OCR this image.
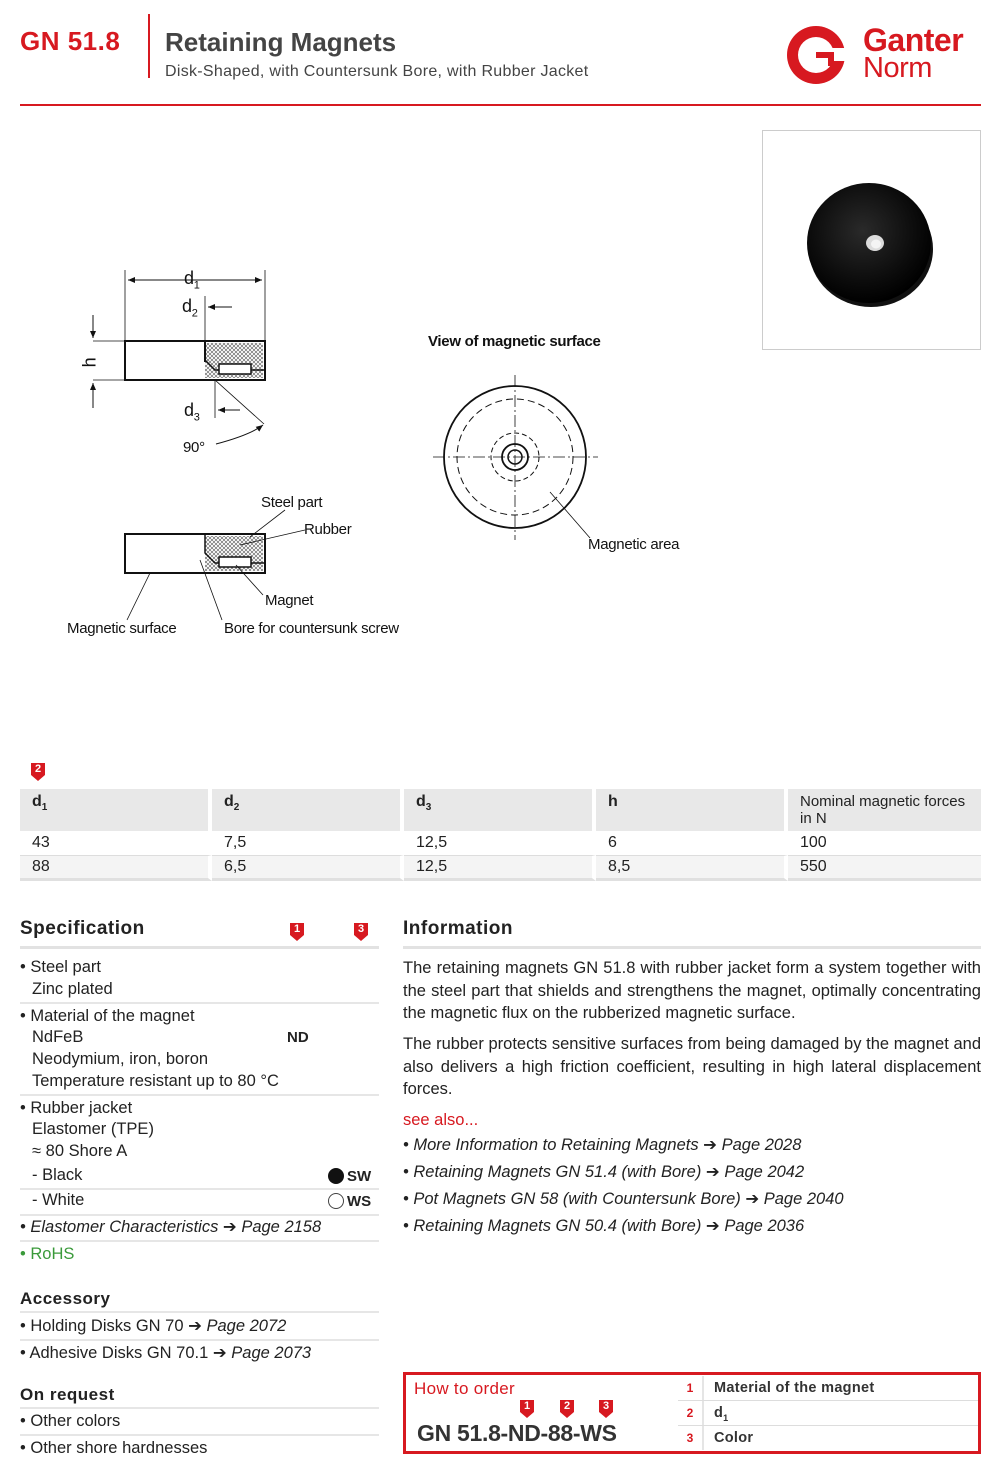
GN 51.8 Retaining Magnets
Disk-Shaped, with Countersunk Bore, with Rubber Jacket
Ganter
Norm
$d_1$
$d_2$
h
$d_3$
90°
Steel part
Rubber
Magnet
Magnetic surface	Bore for countersunk screw
View of magnetic surface
Magnetic area
2
$d_1$	$d_2$	$d_3$	h	Nominal magnetic forces in N
43	7,5	12,5	6	100
88	6,5	12,5	8,5	550
Specification	1	3
• Steel part
Zinc plated
• Material of the magnet
NdFeB	ND
Neodymium, iron, boron
Temperature resistant up to 80 °C
• Rubber jacket
Elastomer (TPE)
≈ 80 Shore A
- Black	SW
- White	WS
• Elastomer Characteristics ➔ Page 2158
• RoHS
Accessory
• Holding Disks GN 70 ➔ Page 2072
• Adhesive Disks GN 70.1 ➔ Page 2073
On request
• Other colors
• Other shore hardnesses
Information
The retaining magnets GN 51.8 with rubber jacket form a system together with the steel part that shields and strengthens the magnet, optimally concentrating the magnetic flux on the rubberized magnetic surface.
The rubber protects sensitive surfaces from being damaged by the magnet and also delivers a high friction coefficient, resulting in high lateral displacement forces.
see also...
• More Information to Retaining Magnets ➔ Page 2028
• Retaining Magnets GN 51.4 (with Bore) ➔ Page 2042
• Pot Magnets GN 58 (with Countersunk Bore) ➔ Page 2040
• Retaining Magnets GN 50.4 (with Bore) ➔ Page 2036
How to order
1	2	3
GN 51.8-ND-88-WS
1	Material of the magnet
2	$d_1$
3	Color
